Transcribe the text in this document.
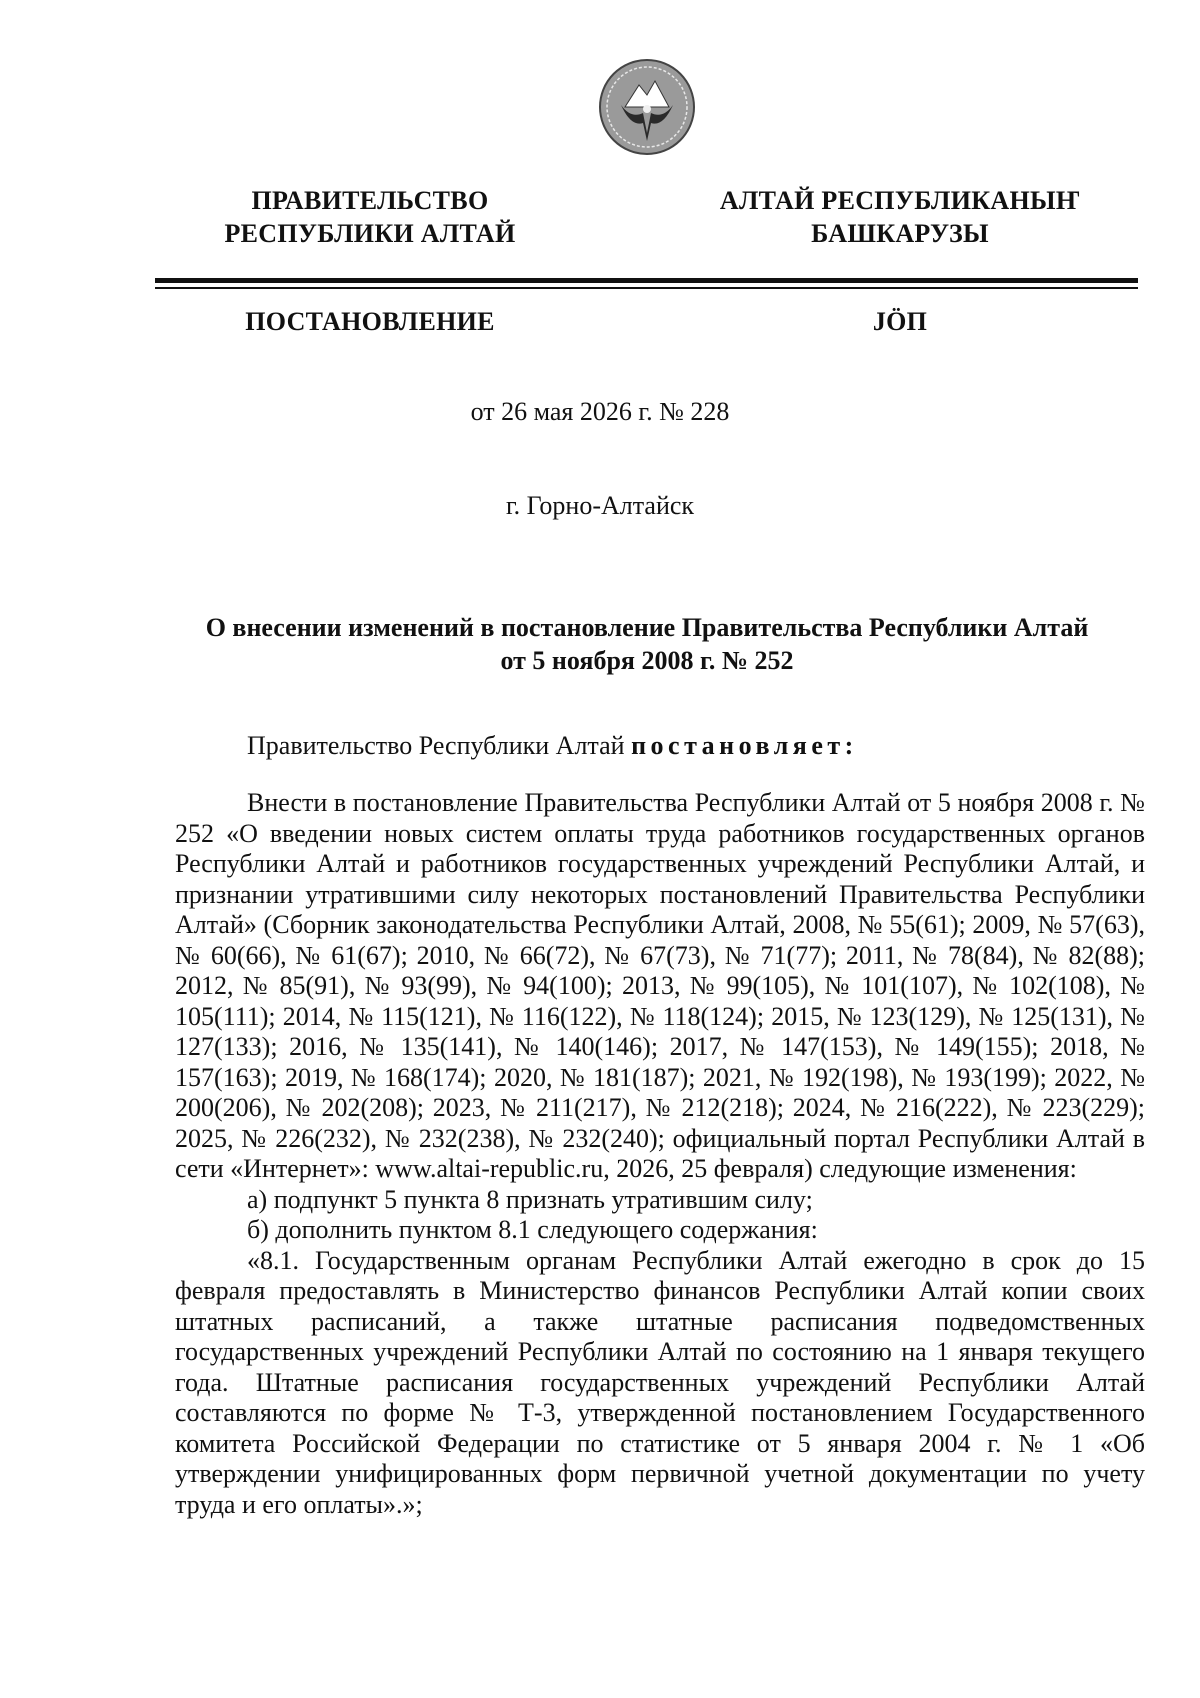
ПРАВИТЕЛЬСТВО
РЕСПУБЛИКИ АЛТАЙ
АЛТАЙ РЕСПУБЛИКАНЫҤ
БАШКАРУЗЫ
ПОСТАНОВЛЕНИЕ	JӦП
от 26 мая 2026 г. № 228
г. Горно-Алтайск
О внесении изменений в постановление Правительства Республики Алтай
от 5 ноября 2008 г. № 252
Правительство Республики Алтай постановляет:

Внести в постановление Правительства Республики Алтай от 5 ноября 2008 г. № 252 «О введении новых систем оплаты труда работников государственных органов Республики Алтай и работников государственных учреждений Республики Алтай, и признании утратившими силу некоторых постановлений Правительства Республики Алтай» (Сборник законодательства Республики Алтай, 2008, № 55(61); 2009, № 57(63), № 60(66), № 61(67); 2010, № 66(72), № 67(73), № 71(77); 2011, № 78(84), № 82(88); 2012, № 85(91), № 93(99), № 94(100); 2013, № 99(105), № 101(107), № 102(108), № 105(111); 2014, № 115(121), № 116(122), № 118(124); 2015, № 123(129), № 125(131), № 127(133); 2016, № 135(141), № 140(146); 2017, № 147(153), № 149(155); 2018, № 157(163); 2019, № 168(174); 2020, № 181(187); 2021, № 192(198), № 193(199); 2022, № 200(206), № 202(208); 2023, № 211(217), № 212(218); 2024, № 216(222), № 223(229); 2025, № 226(232), № 232(238), № 232(240); официальный портал Республики Алтай в сети «Интернет»: www.altai-republic.ru, 2026, 25 февраля) следующие изменения:

а) подпункт 5 пункта 8 признать утратившим силу;

б) дополнить пунктом 8.1 следующего содержания:

«8.1. Государственным органам Республики Алтай ежегодно в срок до 15 февраля предоставлять в Министерство финансов Республики Алтай копии своих штатных расписаний, а также штатные расписания подведомственных государственных учреждений Республики Алтай по состоянию на 1 января текущего года. Штатные расписания государственных учреждений Республики Алтай составляются по форме № Т-3, утвержденной постановлением Государственного комитета Российской Федерации по статистике от 5 января 2004 г. № 1 «Об утверждении унифицированных форм первичной учетной документации по учету труда и его оплаты».»;
